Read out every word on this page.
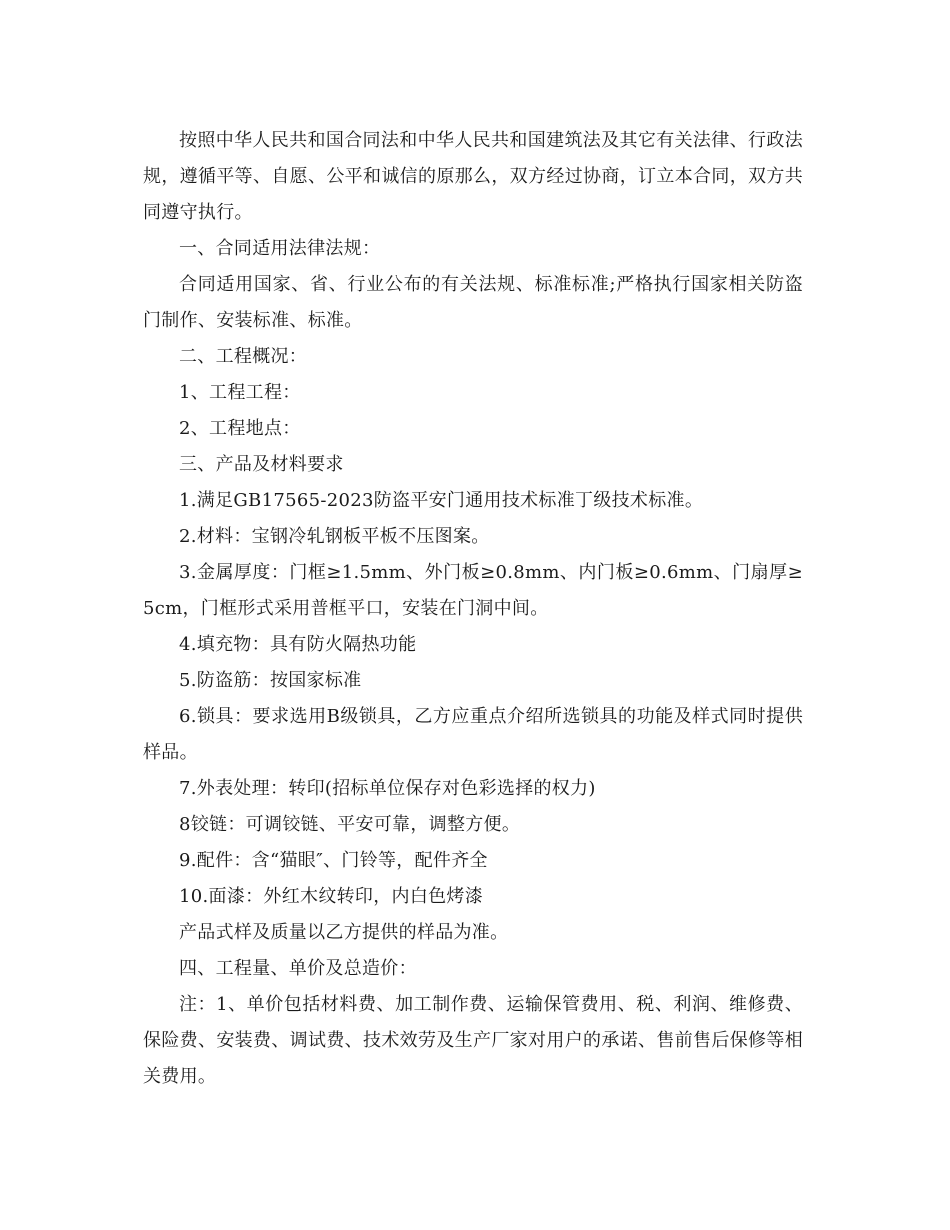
按照中华人民共和国合同法和中华人民共和国建筑法及其它有关法律、行政法规，遵循平等、自愿、公平和诚信的原那么，双方经过协商，订立本合同，双方共同遵守执行。

一、合同适用法律法规：

合同适用国家、省、行业公布的有关法规、标准标准;严格执行国家相关防盗门制作、安装标准、标准。

二、工程概况：

1、工程工程：

2、工程地点：

三、产品及材料要求

1.满足GB17565-2023防盗平安门通用技术标准丁级技术标准。

2.材料：宝钢冷轧钢板平板不压图案。

3.金属厚度：门框≥1.5mm、外门板≥0.8mm、内门板≥0.6mm、门扇厚≥5cm，门框形式采用普框平口，安装在门洞中间。

4.填充物：具有防火隔热功能

5.防盗筋：按国家标准

6.锁具：要求选用B级锁具，乙方应重点介绍所选锁具的功能及样式同时提供样品。

7.外表处理：转印(招标单位保存对色彩选择的权力)

8铰链：可调铰链、平安可靠，调整方便。

9.配件：含“猫眼″、门铃等，配件齐全

10.面漆：外红木纹转印，内白色烤漆

产品式样及质量以乙方提供的样品为准。

四、工程量、单价及总造价：

注：1、单价包括材料费、加工制作费、运输保管费用、税、利润、维修费、保险费、安装费、调试费、技术效劳及生产厂家对用户的承诺、售前售后保修等相关费用。
